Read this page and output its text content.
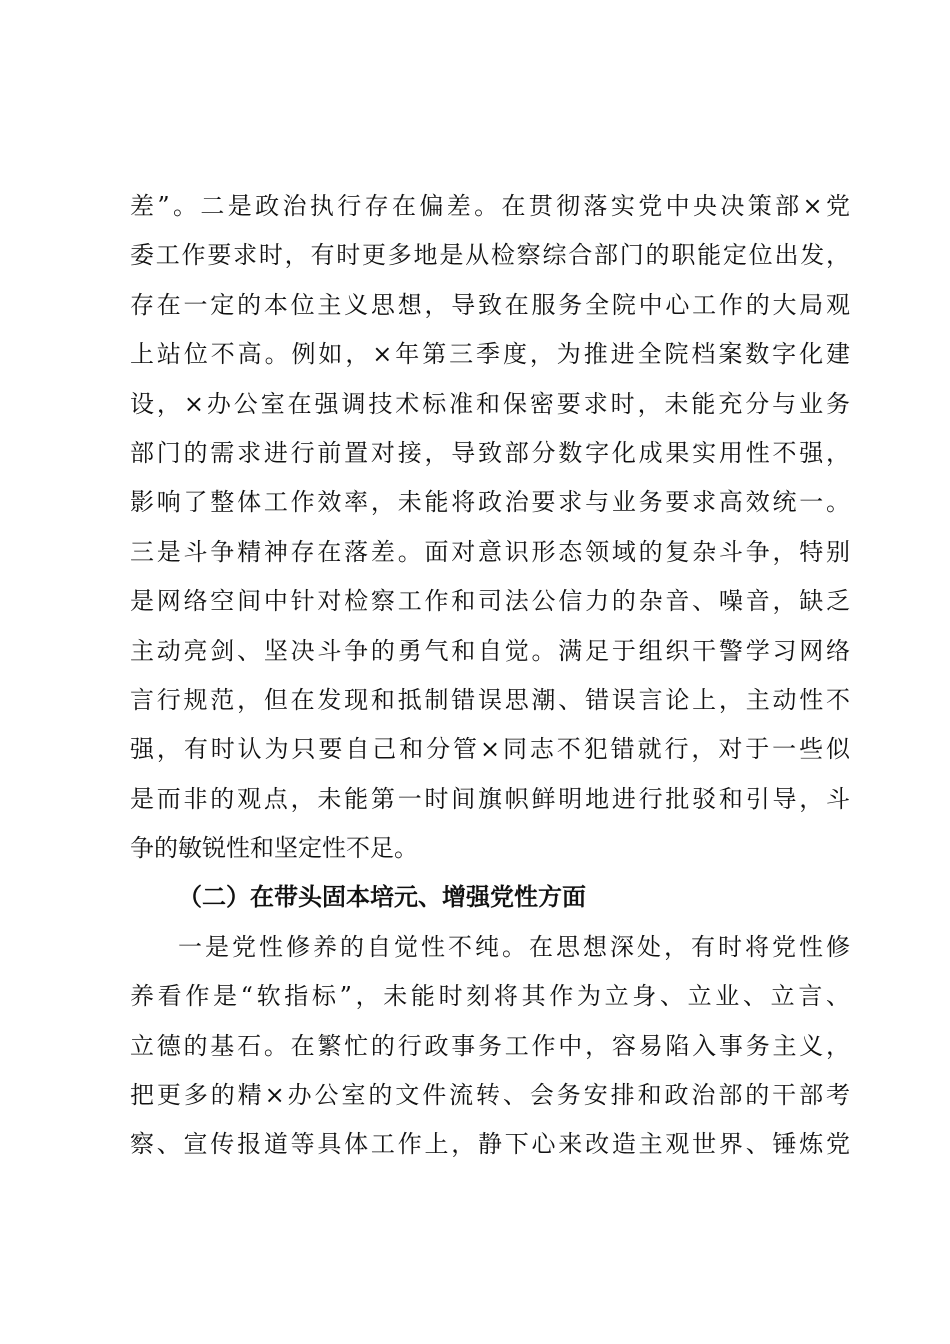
差”。二是政治执行存在偏差。在贯彻落实党中央决策部×党
委工作要求时，有时更多地是从检察综合部门的职能定位出发，
存在一定的本位主义思想，导致在服务全院中心工作的大局观
上站位不高。例如，×年第三季度，为推进全院档案数字化建
设，×办公室在强调技术标准和保密要求时，未能充分与业务
部门的需求进行前置对接，导致部分数字化成果实用性不强，
影响了整体工作效率，未能将政治要求与业务要求高效统一。
三是斗争精神存在落差。面对意识形态领域的复杂斗争，特别
是网络空间中针对检察工作和司法公信力的杂音、噪音，缺乏
主动亮剑、坚决斗争的勇气和自觉。满足于组织干警学习网络
言行规范，但在发现和抵制错误思潮、错误言论上，主动性不
强，有时认为只要自己和分管×同志不犯错就行，对于一些似
是而非的观点，未能第一时间旗帜鲜明地进行批驳和引导，斗
争的敏锐性和坚定性不足。
（二）在带头固本培元、增强党性方面
一是党性修养的自觉性不纯。在思想深处，有时将党性修
养看作是“软指标”，未能时刻将其作为立身、立业、立言、
立德的基石。在繁忙的行政事务工作中，容易陷入事务主义，
把更多的精×办公室的文件流转、会务安排和政治部的干部考
察、宣传报道等具体工作上，静下心来改造主观世界、锤炼党
